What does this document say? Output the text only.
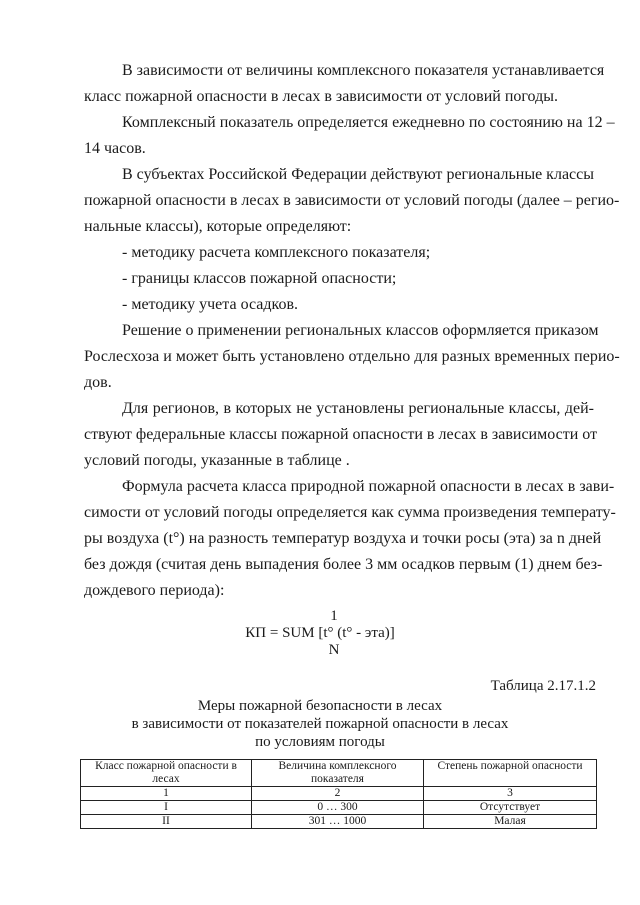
В зависимости от величины комплексного показателя устанавливается
класс пожарной опасности в лесах в зависимости от условий погоды.
Комплексный показатель определяется ежедневно по состоянию на 12 –
14 часов.
В субъектах Российской Федерации действуют региональные классы
пожарной опасности в лесах в зависимости от условий погоды (далее – регио-
нальные классы), которые определяют:
- методику расчета комплексного показателя;
- границы классов пожарной опасности;
- методику учета осадков.
Решение о применении региональных классов оформляется приказом
Рослесхоза и может быть установлено отдельно для разных временных перио-
дов.
Для регионов, в которых не установлены региональные классы, дей-
ствуют федеральные классы пожарной опасности в лесах в зависимости от
условий погоды, указанные в таблице .
Формула расчета класса природной пожарной опасности в лесах в зави-
симости от условий погоды определяется как сумма произведения температу-
ры воздуха (t°) на разность температур воздуха и точки росы (эта) за n дней
без дождя (считая день выпадения более 3 мм осадков первым (1) днем без-
дождевого периода):
1
КП = SUM [t° (t° - эта)]
N
Таблица 2.17.1.2
Меры пожарной безопасности в лесах
в зависимости от показателей пожарной опасности в лесах
по условиям погоды
Класс пожарной опасности в лесах	Величина комплексного показателя	Степень пожарной опасности
1	2	3
I	0 … 300	Отсутствует
II	301 … 1000	Малая
